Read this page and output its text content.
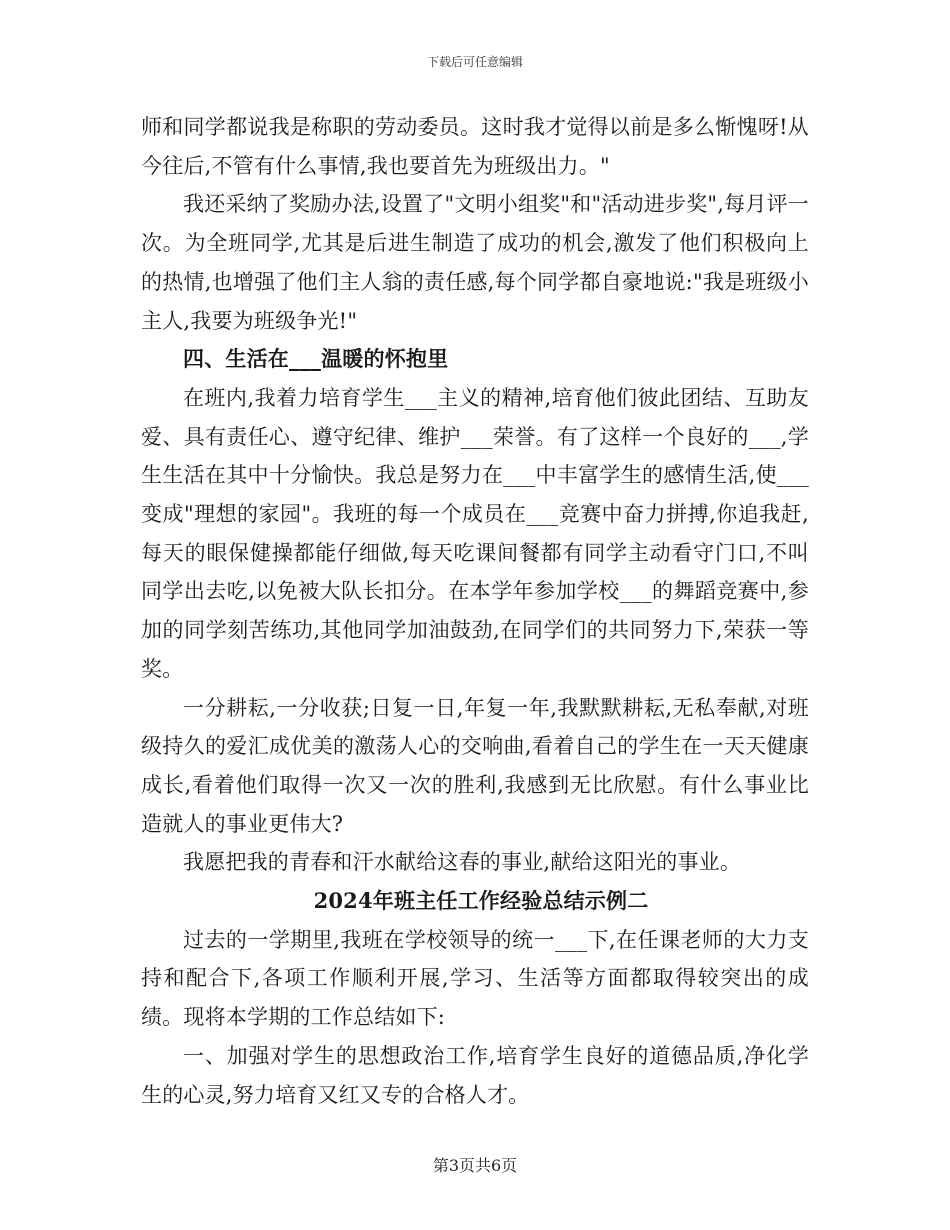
下载后可任意编辑

师和同学都说我是称职的劳动委员。这时我才觉得以前是多么惭愧呀!从今往后,不管有什么事情,我也要首先为班级出力。"

我还采纳了奖励办法,设置了"文明小组奖"和"活动进步奖",每月评一次。为全班同学,尤其是后进生制造了成功的机会,激发了他们积极向上的热情,也增强了他们主人翁的责任感,每个同学都自豪地说:"我是班级小主人,我要为班级争光!"

四、生活在___温暖的怀抱里

在班内,我着力培育学生___主义的精神,培育他们彼此团结、互助友爱、具有责任心、遵守纪律、维护___荣誉。有了这样一个良好的___,学生生活在其中十分愉快。我总是努力在___中丰富学生的感情生活,使___变成"理想的家园"。我班的每一个成员在___竞赛中奋力拼搏,你追我赶,每天的眼保健操都能仔细做,每天吃课间餐都有同学主动看守门口,不叫同学出去吃,以免被大队长扣分。在本学年参加学校___的舞蹈竞赛中,参加的同学刻苦练功,其他同学加油鼓劲,在同学们的共同努力下,荣获一等奖。

一分耕耘,一分收获;日复一日,年复一年,我默默耕耘,无私奉献,对班级持久的爱汇成优美的激荡人心的交响曲,看着自己的学生在一天天健康成长,看着他们取得一次又一次的胜利,我感到无比欣慰。有什么事业比造就人的事业更伟大?

我愿把我的青春和汗水献给这春的事业,献给这阳光的事业。

2024年班主任工作经验总结示例二

过去的一学期里,我班在学校领导的统一___下,在任课老师的大力支持和配合下,各项工作顺利开展,学习、生活等方面都取得较突出的成绩。现将本学期的工作总结如下:

一、加强对学生的思想政治工作,培育学生良好的道德品质,净化学生的心灵,努力培育又红又专的合格人才。

第3页共6页
